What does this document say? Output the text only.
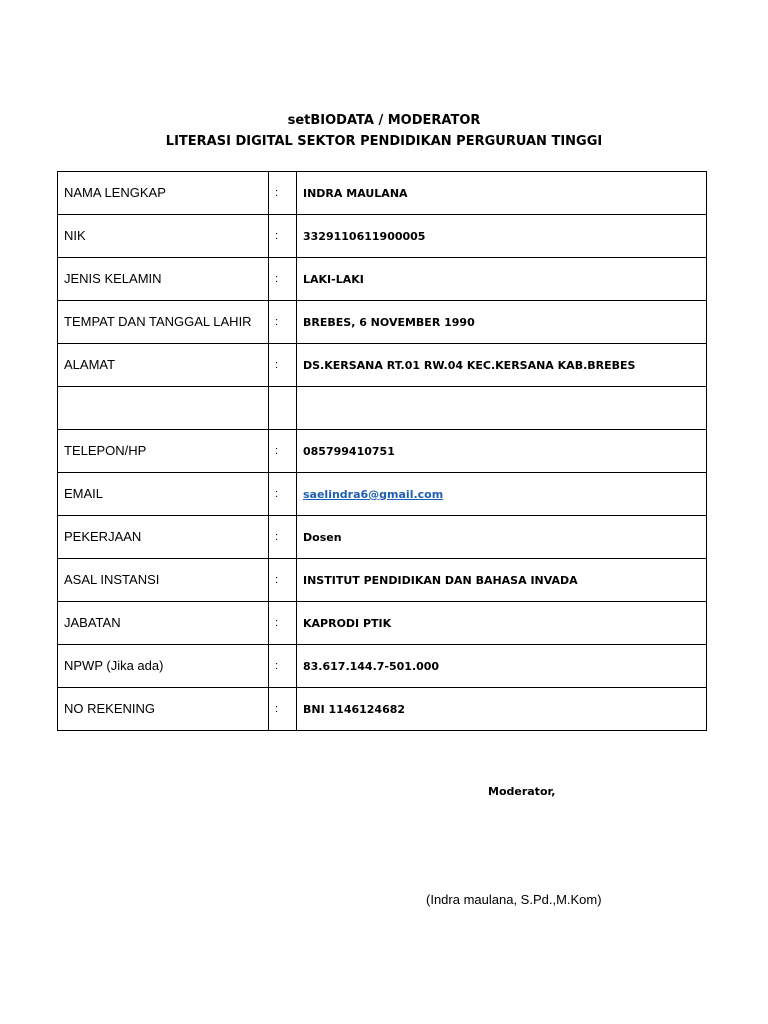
setBIODATA / MODERATOR
LITERASI DIGITAL SEKTOR PENDIDIKAN PERGURUAN TINGGI
NAMA LENGKAP	:	INDRA MAULANA
NIK	:	3329110611900005
JENIS KELAMIN	:	LAKI-LAKI
TEMPAT DAN TANGGAL LAHIR	:	BREBES, 6 NOVEMBER 1990
ALAMAT	:	DS.KERSANA RT.01 RW.04 KEC.KERSANA KAB.BREBES

TELEPON/HP	:	085799410751
EMAIL	:	saelindra6@gmail.com
PEKERJAAN	:	Dosen
ASAL INSTANSI	:	INSTITUT PENDIDIKAN DAN BAHASA INVADA
JABATAN	:	KAPRODI PTIK
NPWP (Jika ada)	:	83.617.144.7-501.000
NO REKENING	:	BNI 1146124682
Moderator,
(Indra maulana, S.Pd.,M.Kom)
